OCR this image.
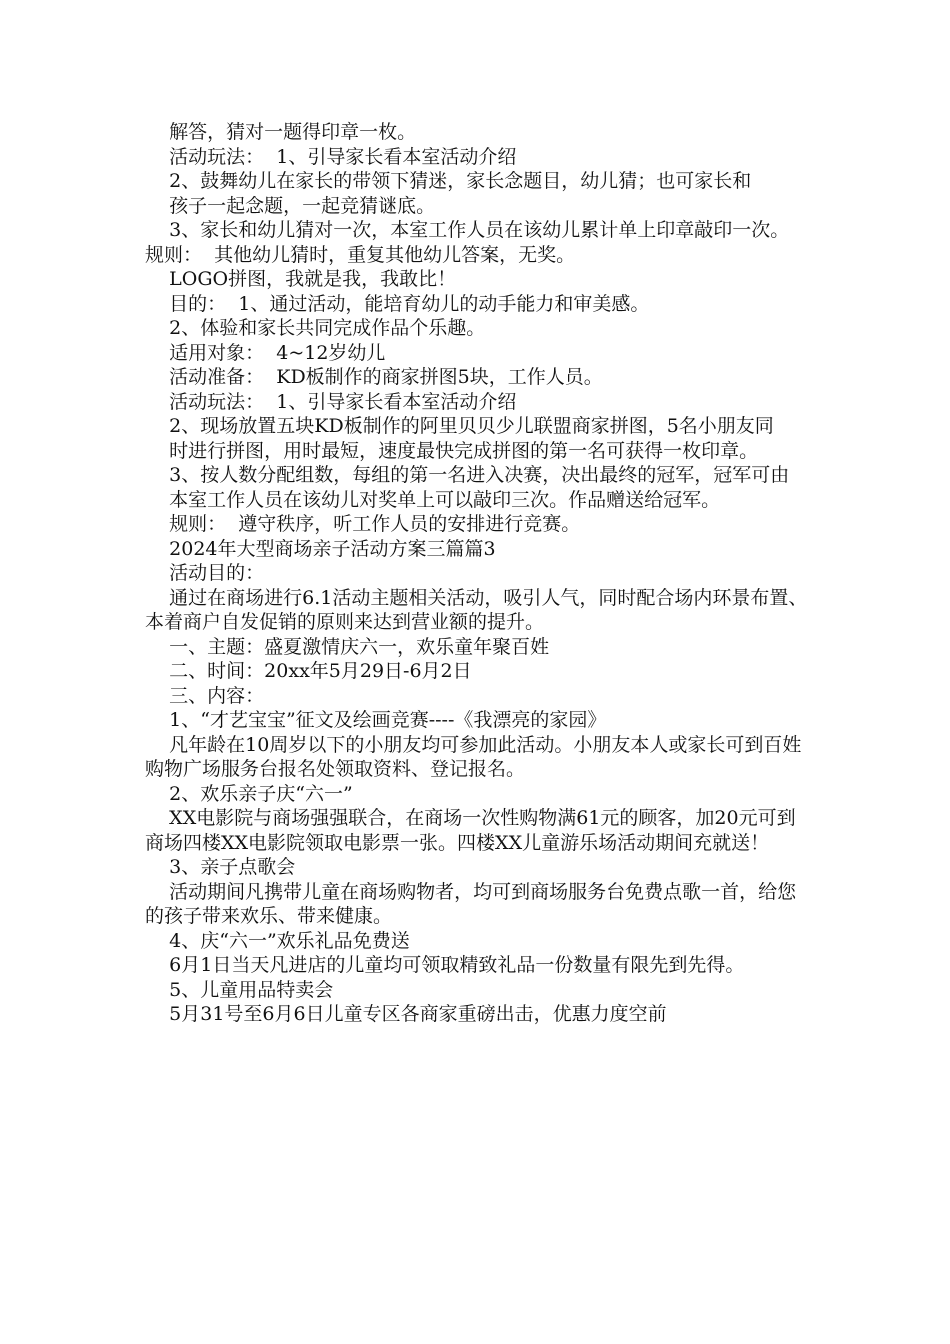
解答，猜对一题得印章一枚。

活动玩法：  1、引导家长看本室活动介绍

2、鼓舞幼儿在家长的带领下猜迷，家长念题目，幼儿猜；也可家长和

孩子一起念题，一起竞猜谜底。

3、家长和幼儿猜对一次，本室工作人员在该幼儿累计单上印章敲印一次。  规则：  其他幼儿猜时，重复其他幼儿答案，无奖。

LOGO拼图，我就是我，我敢比！

目的：  1、通过活动，能培育幼儿的动手能力和审美感。

2、体验和家长共同完成作品个乐趣。

适用对象：  4~12岁幼儿

活动准备：  KD板制作的商家拼图5块，工作人员。

活动玩法：  1、引导家长看本室活动介绍

2、现场放置五块KD板制作的阿里贝贝少儿联盟商家拼图，5名小朋友同

时进行拼图，用时最短，速度最快完成拼图的第一名可获得一枚印章。

3、按人数分配组数，每组的第一名进入决赛，决出最终的冠军，冠军可由

本室工作人员在该幼儿对奖单上可以敲印三次。作品赠送给冠军。

规则：  遵守秩序，听工作人员的安排进行竞赛。

2024年大型商场亲子活动方案三篇篇3

活动目的：

通过在商场进行6.1活动主题相关活动，吸引人气，同时配合场内环景布置、本着商户自发促销的原则来达到营业额的提升。

一、主题：盛夏激情庆六一，欢乐童年聚百姓

二、时间：20xx年5月29日-6月2日

三、内容：

1、“才艺宝宝”征文及绘画竞赛----《我漂亮的家园》

凡年龄在10周岁以下的小朋友均可参加此活动。小朋友本人或家长可到百姓购物广场服务台报名处领取资料、登记报名。

2、欢乐亲子庆“六一”

XX电影院与商场强强联合，在商场一次性购物满61元的顾客，加20元可到商场四楼XX电影院领取电影票一张。四楼XX儿童游乐场活动期间充就送！

3、亲子点歌会

活动期间凡携带儿童在商场购物者，均可到商场服务台免费点歌一首，给您的孩子带来欢乐、带来健康。

4、庆“六一”欢乐礼品免费送

6月1日当天凡进店的儿童均可领取精致礼品一份数量有限先到先得。

5、儿童用品特卖会

5月31号至6月6日儿童专区各商家重磅出击，优惠力度空前
